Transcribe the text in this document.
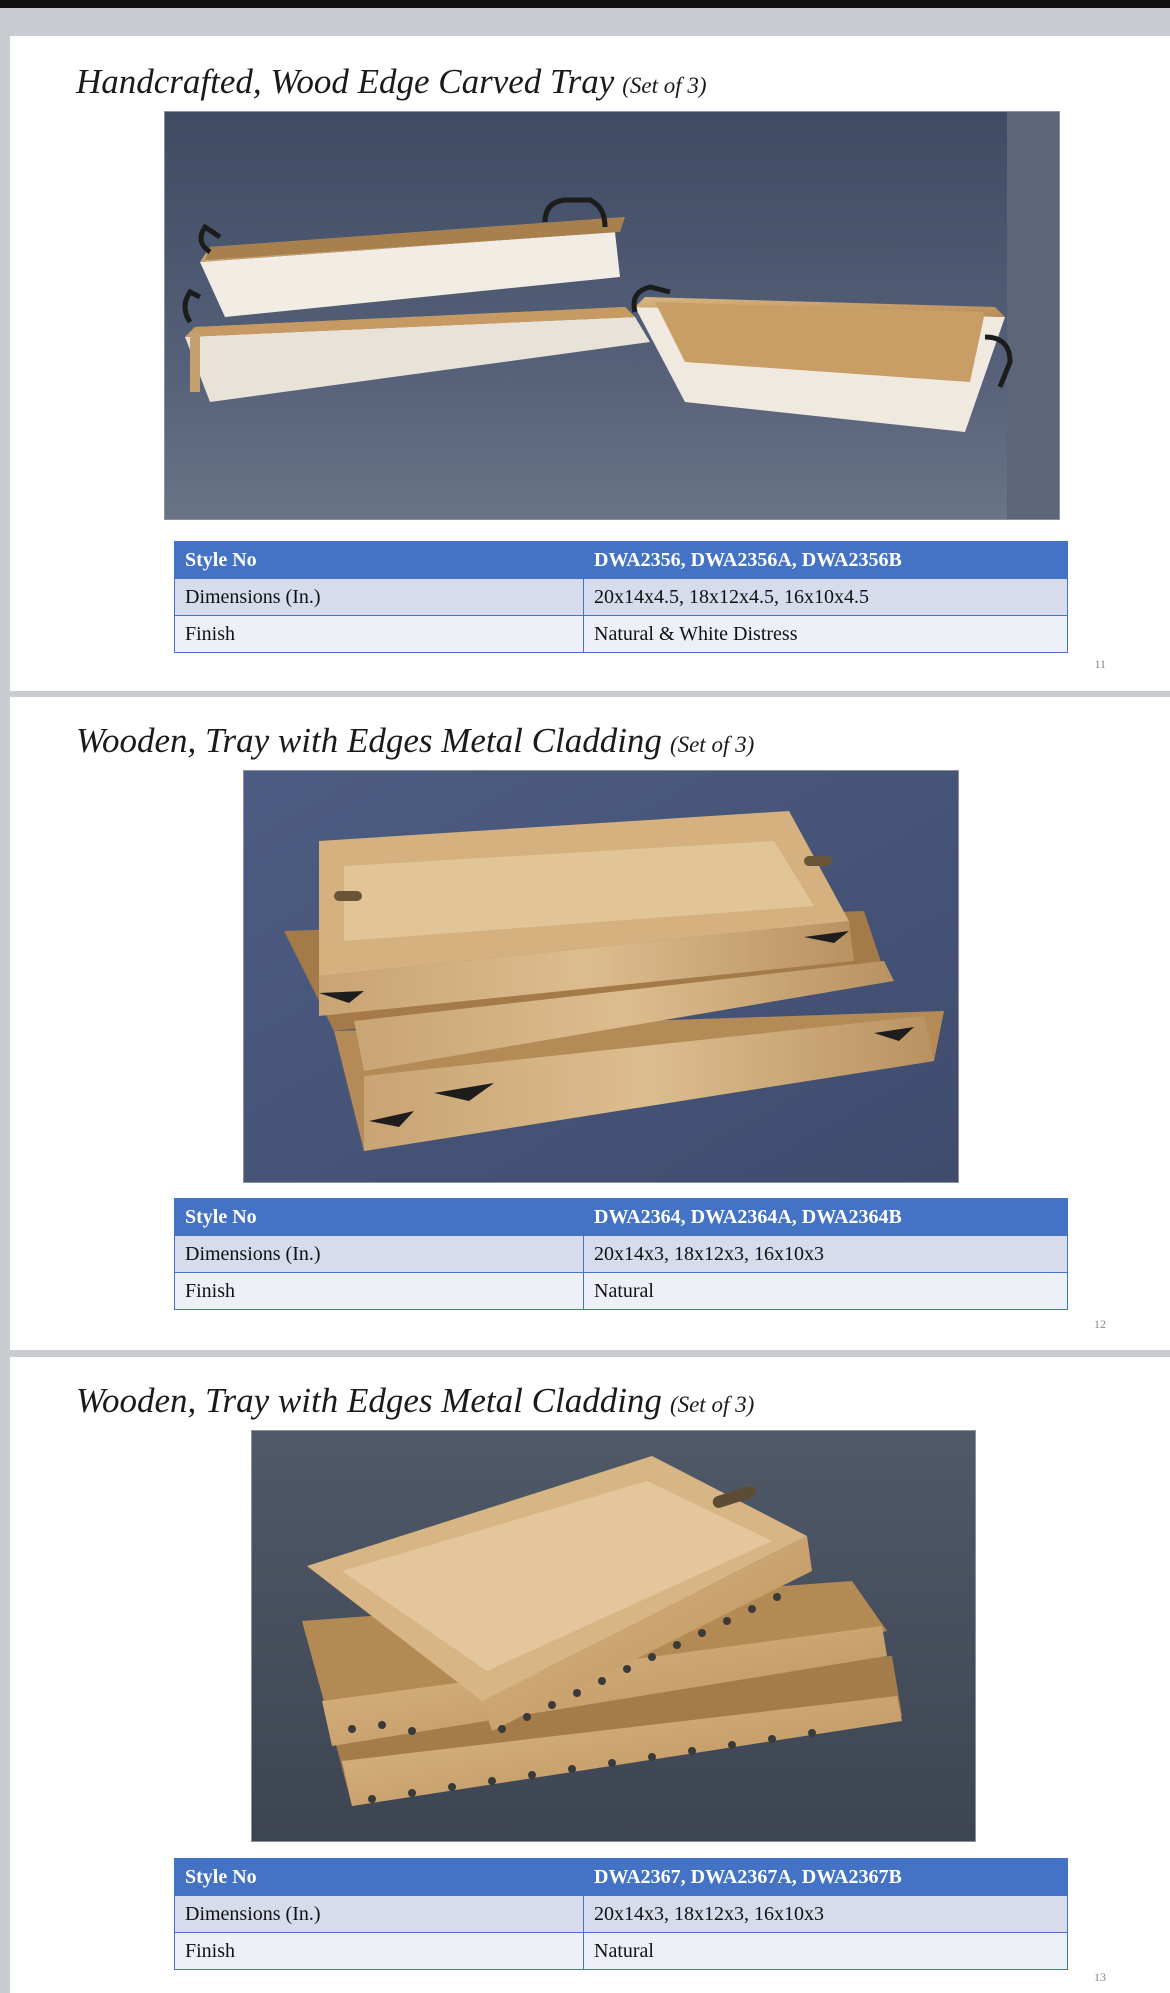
Handcrafted, Wood Edge Carved Tray (Set of 3)
Style No	DWA2356, DWA2356A, DWA2356B
Dimensions (In.)	20x14x4.5, 18x12x4.5, 16x10x4.5
Finish	Natural & White Distress
11
Wooden, Tray with Edges Metal Cladding (Set of 3)
Style No	DWA2364, DWA2364A, DWA2364B
Dimensions (In.)	20x14x3, 18x12x3, 16x10x3
Finish	Natural
12
Wooden, Tray with Edges Metal Cladding (Set of 3)
Style No	DWA2367, DWA2367A, DWA2367B
Dimensions (In.)	20x14x3, 18x12x3, 16x10x3
Finish	Natural
13
